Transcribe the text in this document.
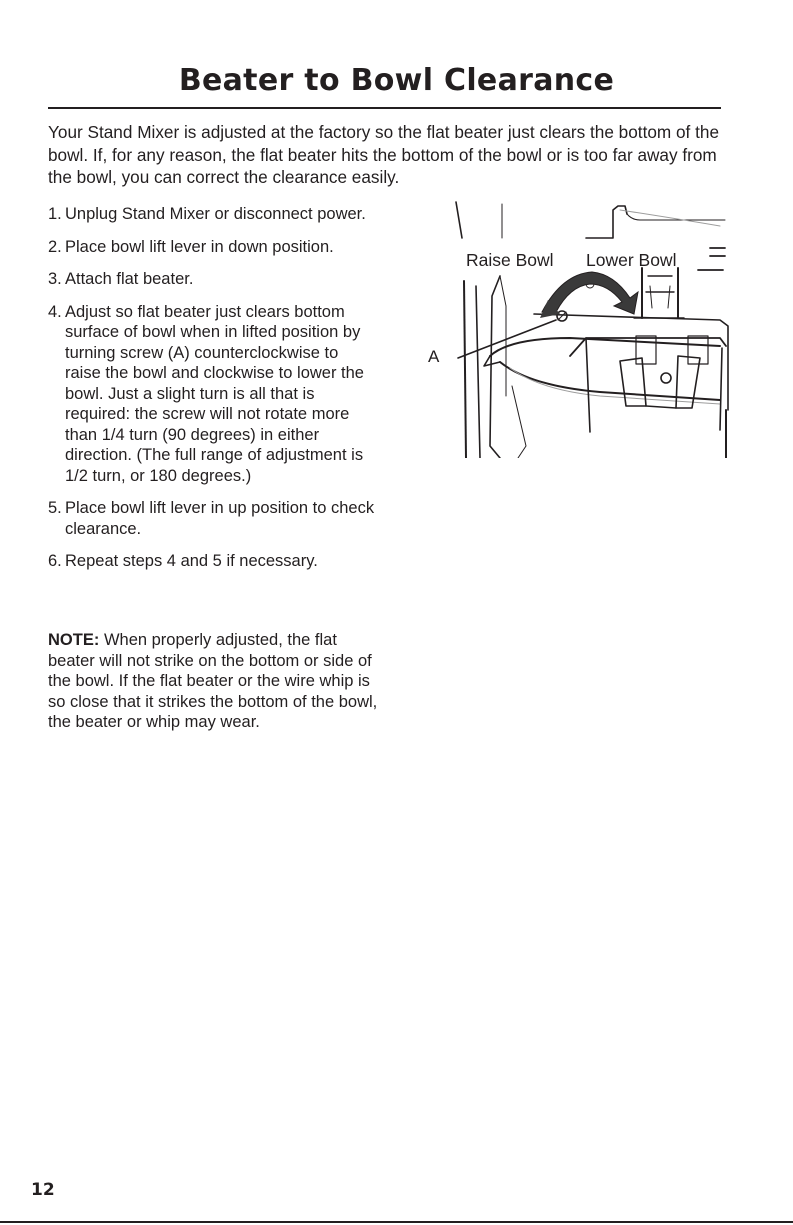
Beater to Bowl Clearance

Your Stand Mixer is adjusted at the factory so the flat beater just clears the bottom of the bowl. If, for any reason, the flat beater hits the bottom of the bowl or is too far away from the bowl, you can correct the clearance easily.

1. Unplug Stand Mixer or disconnect power.
2. Place bowl lift lever in down position.
3. Attach flat beater.
4. Adjust so flat beater just clears bottom surface of bowl when in lifted position by turning screw (A) counterclockwise to raise the bowl and clockwise to lower the bowl. Just a slight turn is all that is required: the screw will not rotate more than 1/4 turn (90 degrees) in either direction. (The full range of adjustment is 1/2 turn, or 180 degrees.)
5. Place bowl lift lever in up position to check clearance.
6. Repeat steps 4 and 5 if necessary.

NOTE: When properly adjusted, the flat beater will not strike on the bottom or side of the bowl. If the flat beater or the wire whip is so close that it strikes the bottom of the bowl, the beater or whip may wear.

Raise Bowl Lower Bowl
A
12
